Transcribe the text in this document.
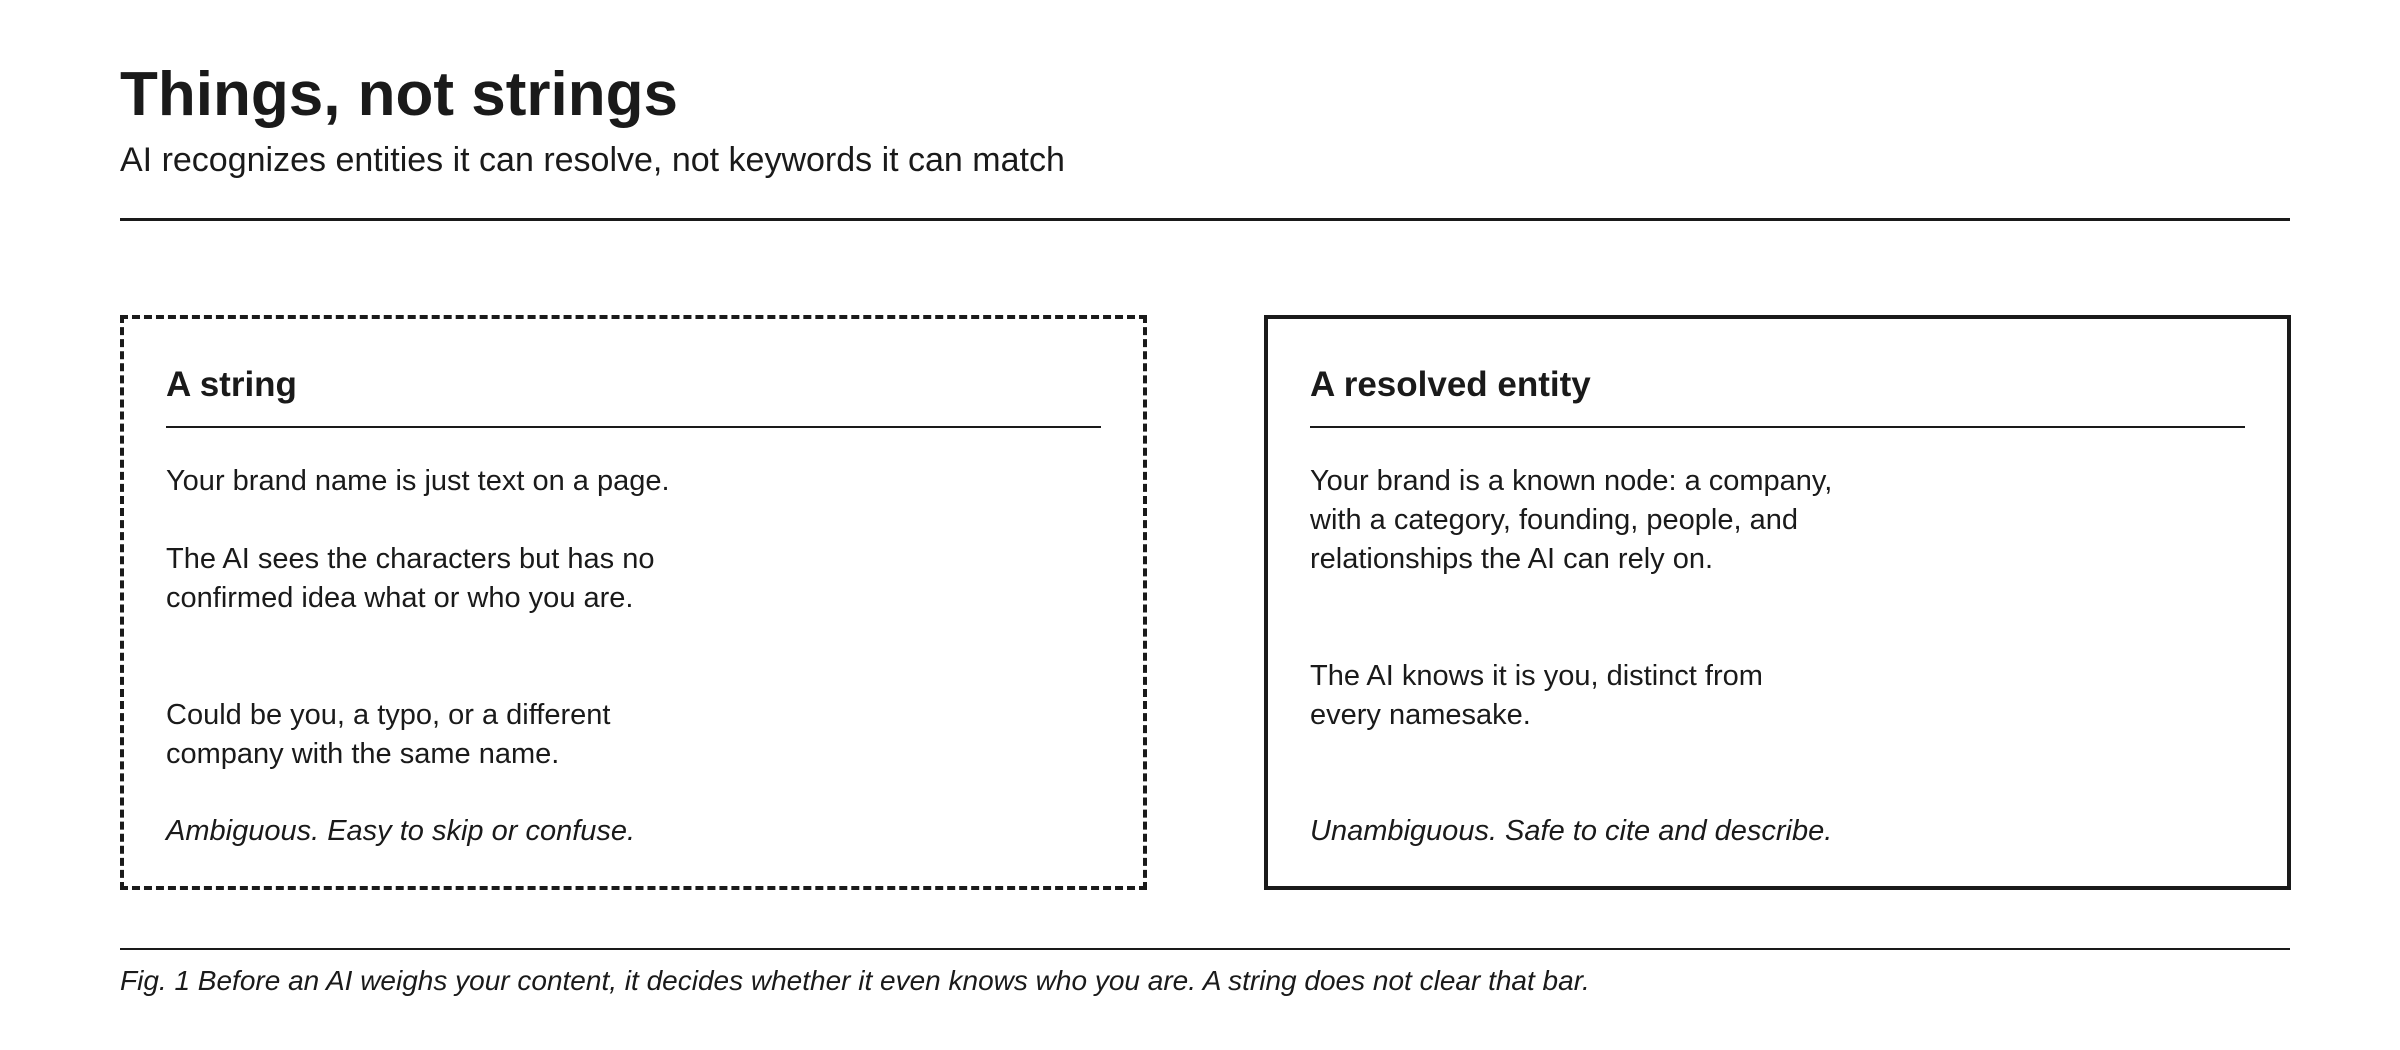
Things, not strings

AI recognizes entities it can resolve, not keywords it can match

A string

Your brand name is just text on a page.

The AI sees the characters but has no confirmed idea what or who you are.

Could be you, a typo, or a different company with the same name.

Ambiguous. Easy to skip or confuse.

A resolved entity

Your brand is a known node: a company, with a category, founding, people, and relationships the AI can rely on.

The AI knows it is you, distinct from every namesake.

Unambiguous. Safe to cite and describe.

Fig. 1 Before an AI weighs your content, it decides whether it even knows who you are. A string does not clear that bar.
